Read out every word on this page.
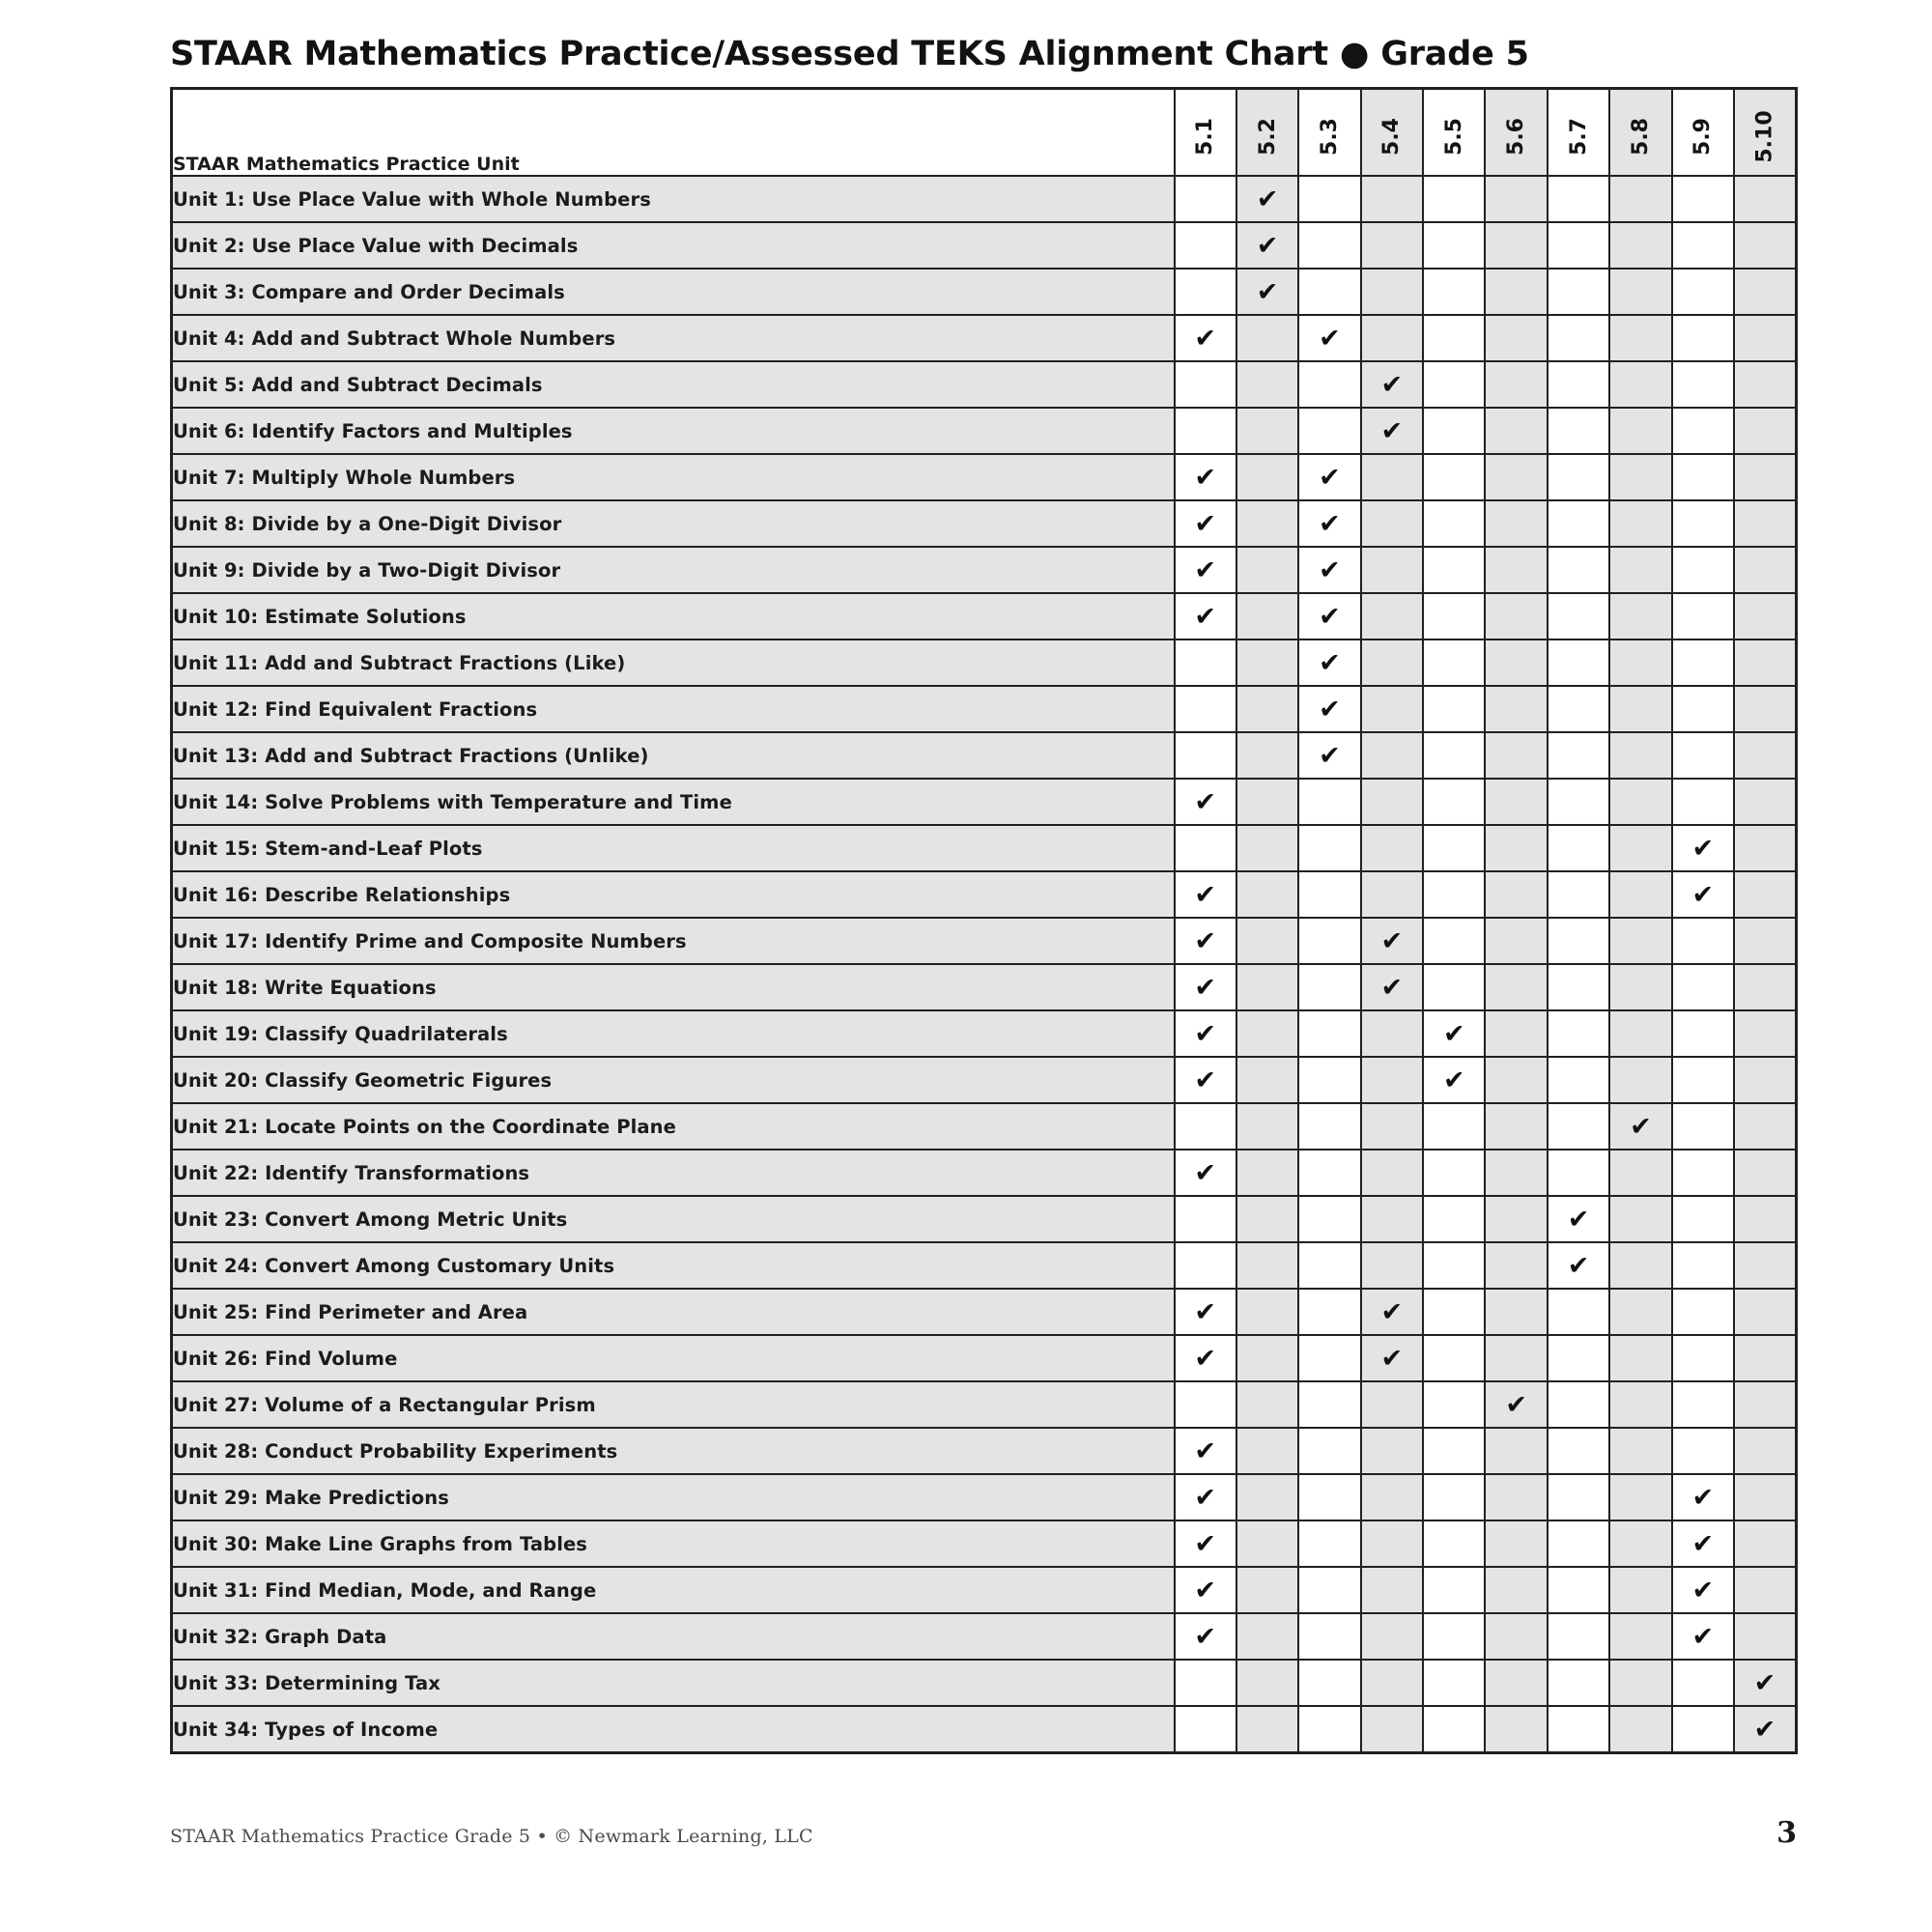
STAAR Mathematics Practice/Assessed TEKS Alignment Chart ● Grade 5
STAAR Mathematics Practice Unit	5.1	5.2	5.3	5.4	5.5	5.6	5.7	5.8	5.9	5.10

Unit 1: Use Place Value with Whole Numbers		✔								
Unit 2: Use Place Value with Decimals		✔								
Unit 3: Compare and Order Decimals		✔								
Unit 4: Add and Subtract Whole Numbers	✔		✔							
Unit 5: Add and Subtract Decimals				✔						
Unit 6: Identify Factors and Multiples				✔						
Unit 7: Multiply Whole Numbers	✔		✔							
Unit 8: Divide by a One-Digit Divisor	✔		✔							
Unit 9: Divide by a Two-Digit Divisor	✔		✔							
Unit 10: Estimate Solutions	✔		✔							
Unit 11: Add and Subtract Fractions (Like)			✔							
Unit 12: Find Equivalent Fractions			✔							
Unit 13: Add and Subtract Fractions (Unlike)			✔							
Unit 14: Solve Problems with Temperature and Time	✔									
Unit 15: Stem-and-Leaf Plots									✔	
Unit 16: Describe Relationships	✔								✔	
Unit 17: Identify Prime and Composite Numbers	✔			✔						
Unit 18: Write Equations	✔			✔						
Unit 19: Classify Quadrilaterals	✔				✔					
Unit 20: Classify Geometric Figures	✔				✔					
Unit 21: Locate Points on the Coordinate Plane								✔		
Unit 22: Identify Transformations	✔									
Unit 23: Convert Among Metric Units							✔			
Unit 24: Convert Among Customary Units							✔			
Unit 25: Find Perimeter and Area	✔			✔						
Unit 26: Find Volume	✔			✔						
Unit 27: Volume of a Rectangular Prism						✔				
Unit 28: Conduct Probability Experiments	✔									
Unit 29: Make Predictions	✔								✔	
Unit 30: Make Line Graphs from Tables	✔								✔	
Unit 31: Find Median, Mode, and Range	✔								✔	
Unit 32: Graph Data	✔								✔	
Unit 33: Determining Tax										✔
Unit 34: Types of Income										✔
STAAR Mathematics Practice Grade 5 • © Newmark Learning, LLC	3
